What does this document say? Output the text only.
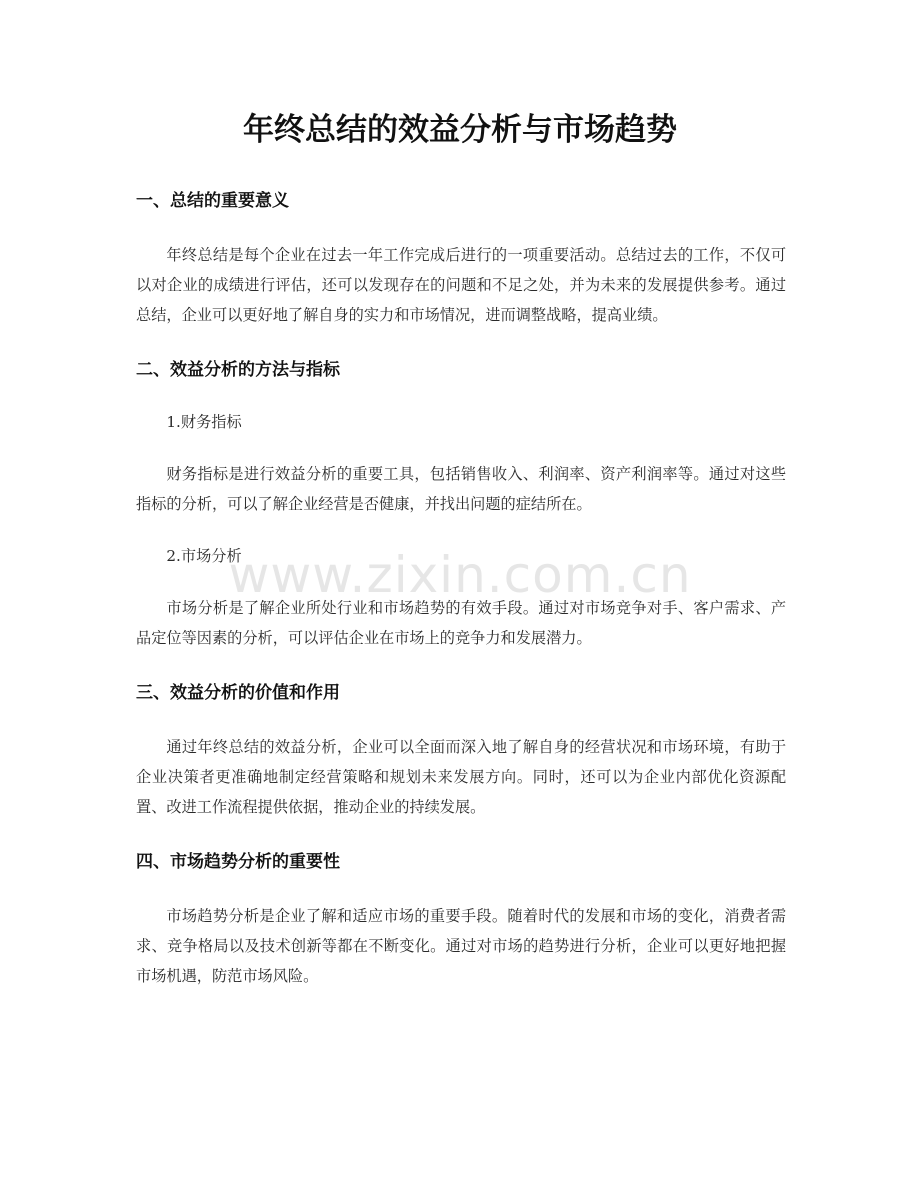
年终总结的效益分析与市场趋势
一、总结的重要意义

年终总结是每个企业在过去一年工作完成后进行的一项重要活动。总结过去的工作，不仅可以对企业的成绩进行评估，还可以发现存在的问题和不足之处，并为未来的发展提供参考。通过总结，企业可以更好地了解自身的实力和市场情况，进而调整战略，提高业绩。

二、效益分析的方法与指标

1.财务指标

财务指标是进行效益分析的重要工具，包括销售收入、利润率、资产利润率等。通过对这些指标的分析，可以了解企业经营是否健康，并找出问题的症结所在。

2.市场分析

市场分析是了解企业所处行业和市场趋势的有效手段。通过对市场竞争对手、客户需求、产品定位等因素的分析，可以评估企业在市场上的竞争力和发展潜力。

三、效益分析的价值和作用

通过年终总结的效益分析，企业可以全面而深入地了解自身的经营状况和市场环境，有助于企业决策者更准确地制定经营策略和规划未来发展方向。同时，还可以为企业内部优化资源配置、改进工作流程提供依据，推动企业的持续发展。

四、市场趋势分析的重要性

市场趋势分析是企业了解和适应市场的重要手段。随着时代的发展和市场的变化，消费者需求、竞争格局以及技术创新等都在不断变化。通过对市场的趋势进行分析，企业可以更好地把握市场机遇，防范市场风险。

www.zixin.com.cn
